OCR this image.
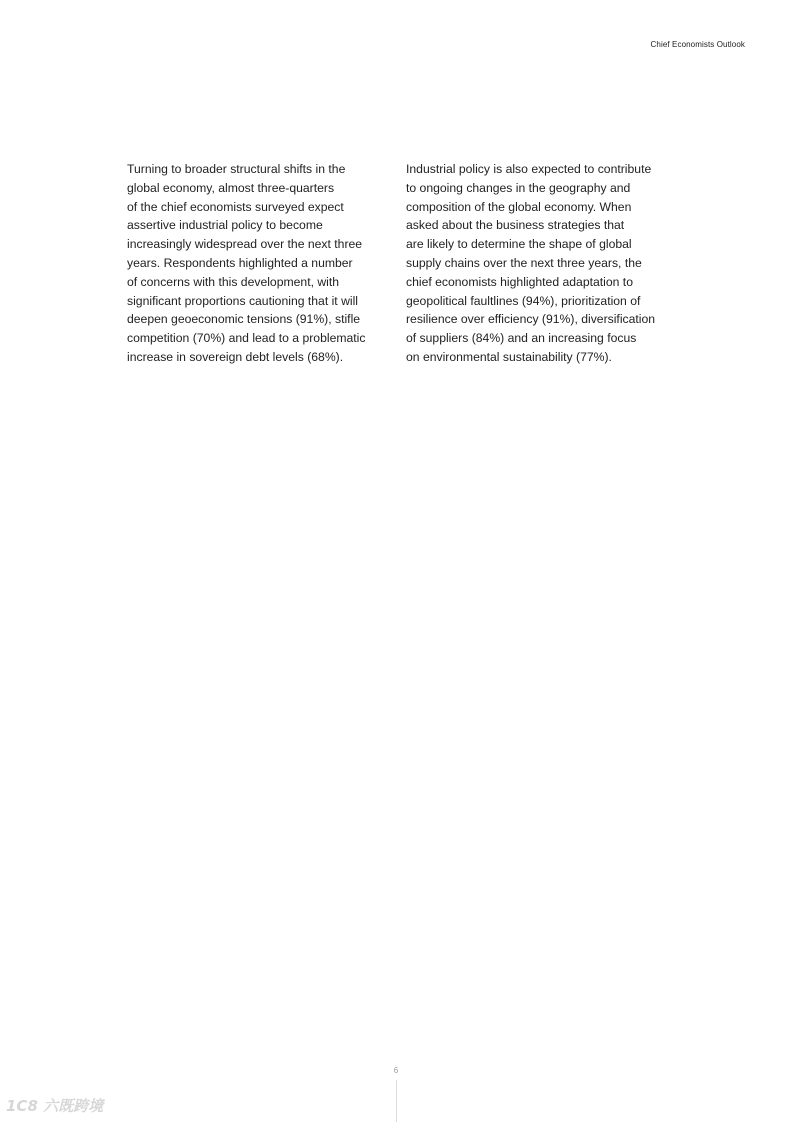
Chief Economists Outlook
Turning to broader structural shifts in the
global economy, almost three-quarters
of the chief economists surveyed expect
assertive industrial policy to become
increasingly widespread over the next three
years. Respondents highlighted a number
of concerns with this development, with
significant proportions cautioning that it will
deepen geoeconomic tensions (91%), stifle
competition (70%) and lead to a problematic
increase in sovereign debt levels (68%).
Industrial policy is also expected to contribute
to ongoing changes in the geography and
composition of the global economy. When
asked about the business strategies that
are likely to determine the shape of global
supply chains over the next three years, the
chief economists highlighted adaptation to
geopolitical faultlines (94%), prioritization of
resilience over efficiency (91%), diversification
of suppliers (84%) and an increasing focus
on environmental sustainability (77%).
6
1C8 六既跨境
